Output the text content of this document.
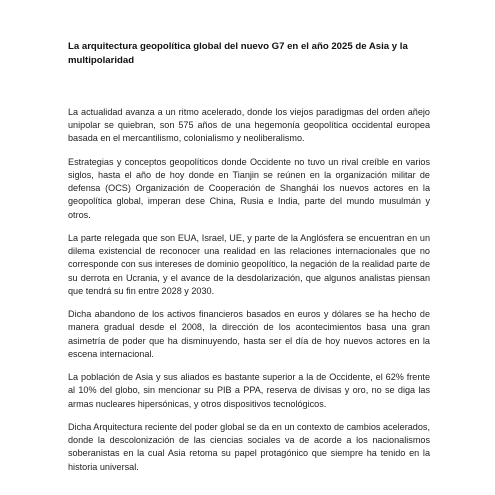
La arquitectura geopolítica global del nuevo G7 en el año 2025 de Asia y la multipolaridad

La actualidad avanza a un ritmo acelerado, donde los viejos paradigmas del orden añejo unipolar se quiebran, son 575 años de una hegemonía geopolítica occidental europea basada en el mercantilismo, colonialismo y neoliberalismo.

Estrategias y conceptos geopolíticos donde Occidente no tuvo un rival creíble en varios siglos, hasta el año de hoy donde en Tianjin se reúnen en la organización militar de defensa (OCS) Organización de Cooperación de Shanghái los nuevos actores en la geopolítica global, imperan dese China, Rusia e India, parte del mundo musulmán y otros.

La parte relegada que son EUA, Israel, UE, y parte de la Anglósfera se encuentran en un dilema existencial de reconocer una realidad en las relaciones internacionales que no corresponde con sus intereses de dominio geopolítico, la negación de la realidad parte de su derrota en Ucrania, y el avance de la desdolarización, que algunos analistas piensan que tendrá su fin entre 2028 y 2030.

Dicha abandono de los activos financieros basados en euros y dólares se ha hecho de manera gradual desde el 2008, la dirección de los acontecimientos basa una gran asimetría de poder que ha disminuyendo, hasta ser el día de hoy nuevos actores en la escena internacional.

La población de Asia y sus aliados es bastante superior a la de Occidente, el 62% frente al 10% del globo, sin mencionar su PIB a PPA, reserva de divisas y oro, no se diga las armas nucleares hipersónicas, y otros dispositivos tecnológicos.

Dicha Arquitectura reciente del poder global se da en un contexto de cambios acelerados, donde la descolonización de las ciencias sociales va de acorde a los nacionalismos soberanistas en la cual Asia retoma su papel protagónico que siempre ha tenido en la historia universal.
